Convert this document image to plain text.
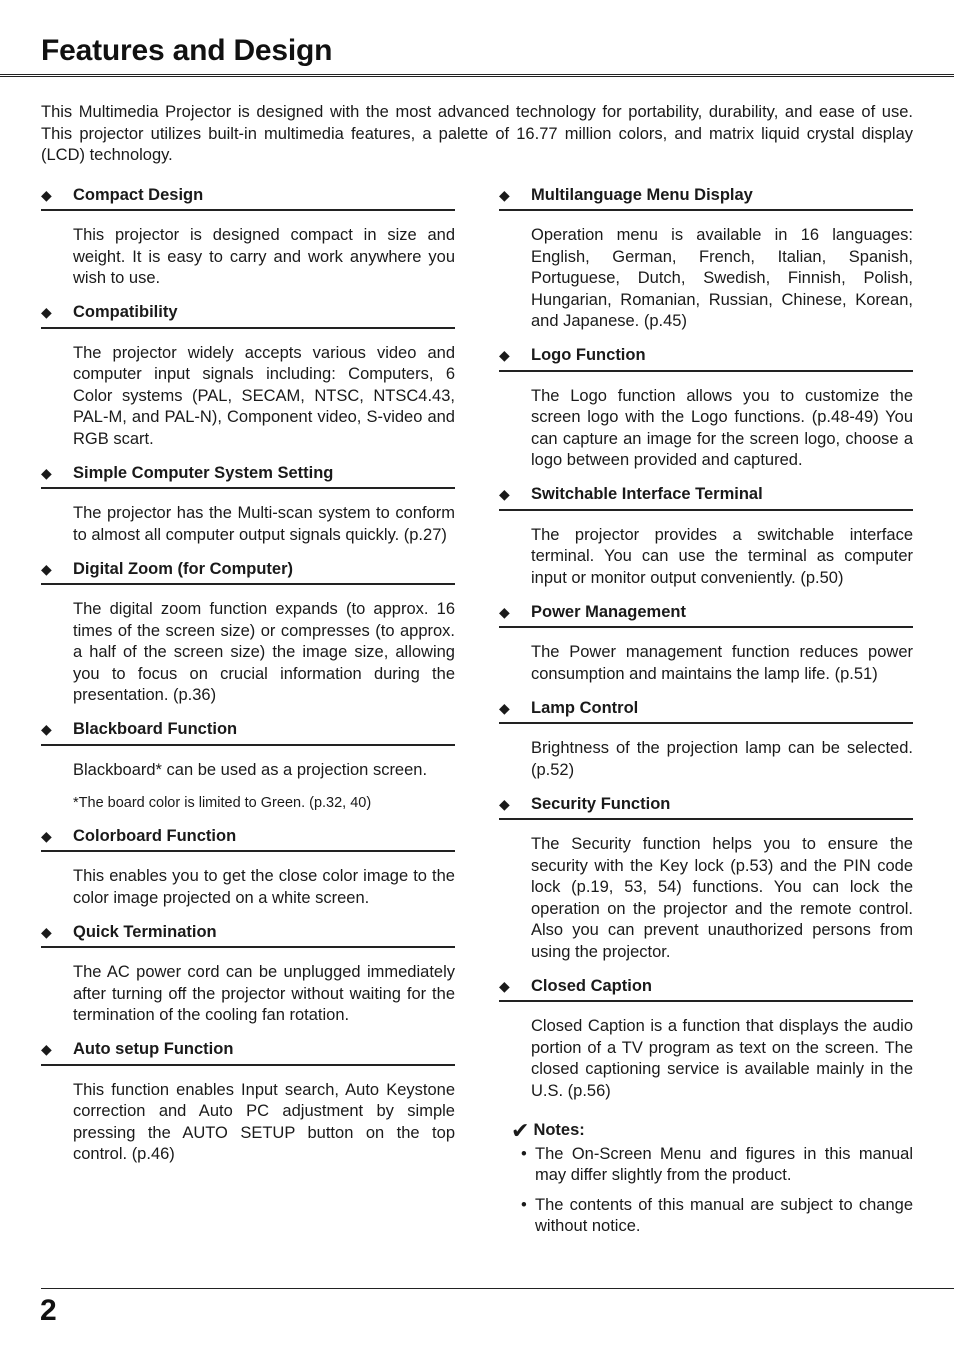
Features and Design

This Multimedia Projector is designed with the most advanced technology for portability, durability, and ease of use. This projector utilizes built-in multimedia features, a palette of 16.77 million colors, and matrix liquid crystal display (LCD) technology.

◆	Compact Design
This projector is designed compact in size and weight. It is easy to carry and work anywhere you wish to use.
◆	Compatibility
The projector widely accepts various video and computer input signals including: Computers, 6 Color systems (PAL, SECAM, NTSC, NTSC4.43, PAL-M, and PAL-N), Component video, S-video and RGB scart.
◆	Simple Computer System Setting
The projector has the Multi-scan system to conform to almost all computer output signals quickly. (p.27)
◆	Digital Zoom (for Computer)
The digital zoom function expands (to approx. 16 times of the screen size) or compresses (to approx. a half of the screen size) the image size, allowing you to focus on crucial information during the presentation. (p.36)
◆	Blackboard Function
Blackboard* can be used as a projection screen.
*The board color is limited to Green. (p.32, 40)
◆	Colorboard Function
This enables you to get the close color image to the color image projected on a white screen.
◆	Quick Termination
The AC power cord can be unplugged immediately after turning off the projector without waiting for the termination of the cooling fan rotation.
◆	Auto setup Function
This function enables Input search, Auto Keystone correction and Auto PC adjustment by simple pressing the AUTO SETUP button on the top control. (p.46)
◆	Multilanguage Menu Display
Operation menu is available in 16 languages: English, German, French, Italian, Spanish, Portuguese, Dutch, Swedish, Finnish, Polish, Hungarian, Romanian, Russian, Chinese, Korean, and Japanese. (p.45)
◆	Logo Function
The Logo function allows you to customize the screen logo with the Logo functions. (p.48-49) You can capture an image for the screen logo, choose a logo between provided and captured.
◆	Switchable Interface Terminal
The projector provides a switchable interface terminal. You can use the terminal as computer input or monitor output conveniently. (p.50)
◆	Power Management
The Power management function reduces power consumption and maintains the lamp life. (p.51)
◆	Lamp Control
Brightness of the projection lamp can be selected. (p.52)
◆	Security Function
The Security function helps you to ensure the security with the Key lock (p.53) and the PIN code lock (p.19, 53, 54) functions. You can lock the operation on the projector and the remote control. Also you can prevent unauthorized persons from using the projector.
◆	Closed Caption
Closed Caption is a function that displays the audio portion of a TV program as text on the screen. The closed captioning service is available mainly in the U.S. (p.56)
✔ Notes:
• The On-Screen Menu and figures in this manual may differ slightly from the product.
• The contents of this manual are subject to change without notice.
2
